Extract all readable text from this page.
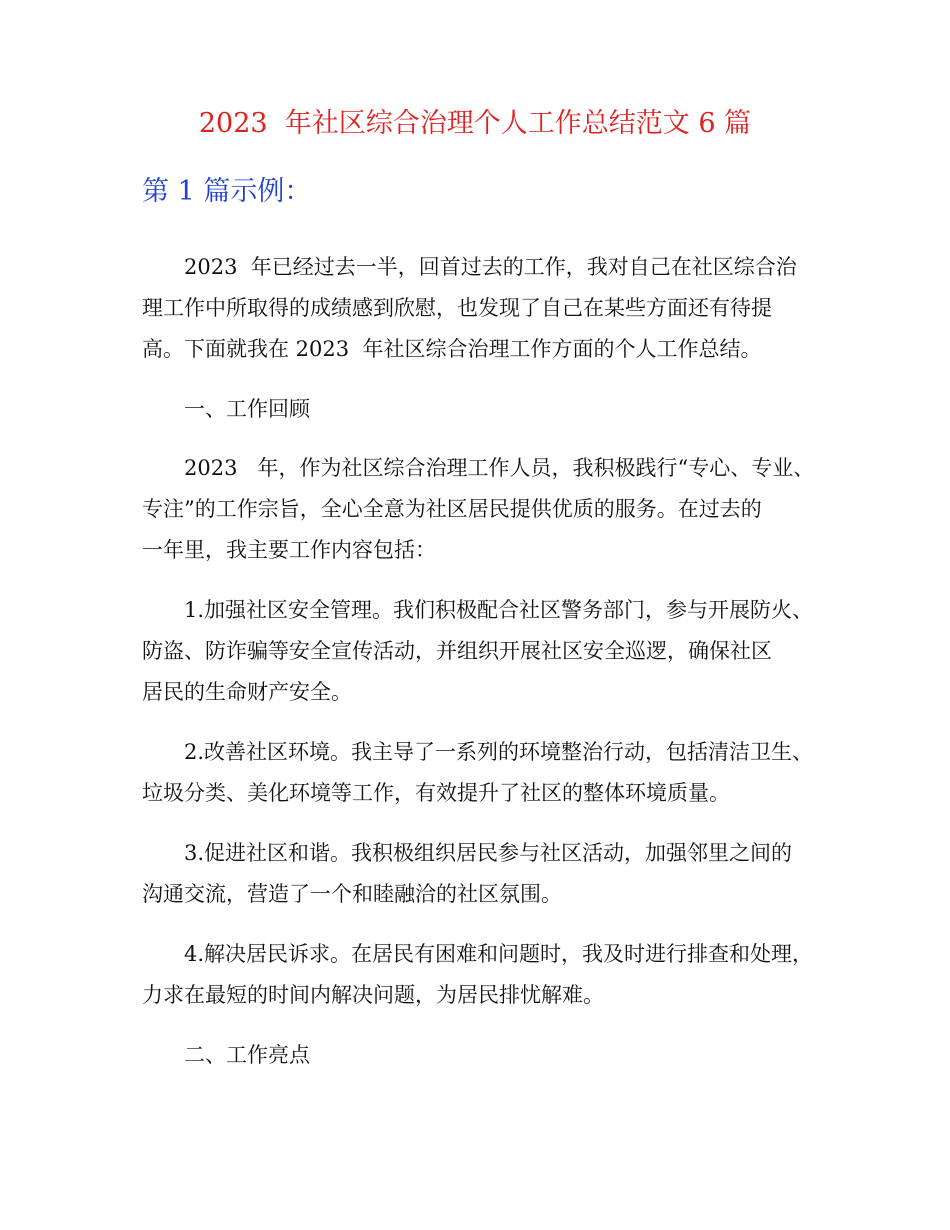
2023  年社区综合治理个人工作总结范文 6 篇
第 1 篇示例：
2023  年已经过去一半，回首过去的工作，我对自己在社区综合治
理工作中所取得的成绩感到欣慰，也发现了自己在某些方面还有待提
高。下面就我在 2023  年社区综合治理工作方面的个人工作总结。
一、工作回顾
2023   年，作为社区综合治理工作人员，我积极践行“专心、专业、
专注”的工作宗旨，全心全意为社区居民提供优质的服务。在过去的
一年里，我主要工作内容包括：
1.加强社区安全管理。我们积极配合社区警务部门，参与开展防火、
防盗、防诈骗等安全宣传活动，并组织开展社区安全巡逻，确保社区
居民的生命财产安全。
2.改善社区环境。我主导了一系列的环境整治行动，包括清洁卫生、
垃圾分类、美化环境等工作，有效提升了社区的整体环境质量。
3.促进社区和谐。我积极组织居民参与社区活动，加强邻里之间的
沟通交流，营造了一个和睦融洽的社区氛围。
4.解决居民诉求。在居民有困难和问题时，我及时进行排查和处理，
力求在最短的时间内解决问题，为居民排忧解难。
二、工作亮点
